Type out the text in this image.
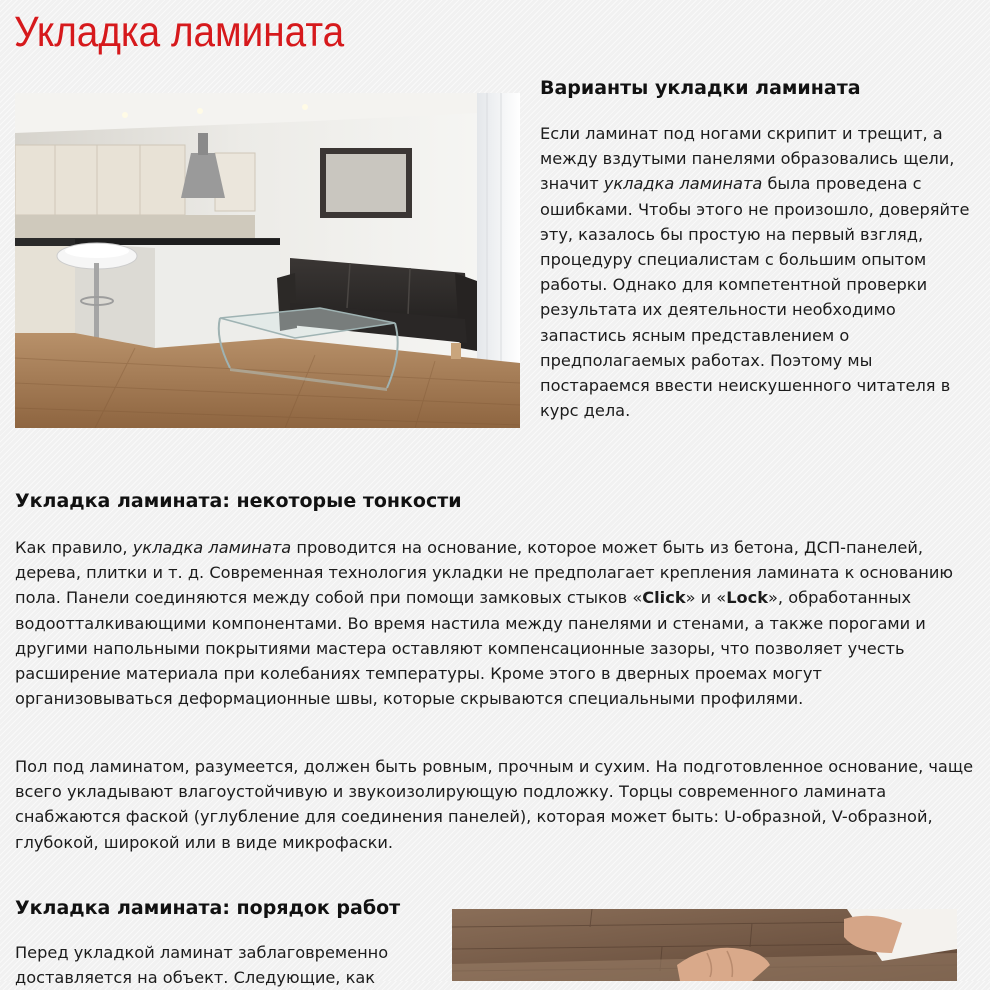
Укладка ламината
Варианты укладки ламината

Если ламинат под ногами скрипит и трещит, а между вздутыми панелями образовались щели, значит укладка ламината была проведена с ошибками. Чтобы этого не произошло, доверяйте эту, казалось бы простую на первый взгляд, процедуру специалистам с большим опытом работы. Однако для компетентной проверки результата их деятельности необходимо запастись ясным представлением о предполагаемых работах. Поэтому мы постараемся ввести неискушенного читателя в курс дела.

Укладка ламината: некоторые тонкости

Как правило, укладка ламината проводится на основание, которое может быть из бетона, ДСП-панелей, дерева, плитки и т. д. Современная технология укладки не предполагает крепления ламината к основанию пола. Панели соединяются между собой при помощи замковых стыков «Click» и «Lock», обработанных водоотталкивающими компонентами. Во время настила между панелями и стенами, а также порогами и другими напольными покрытиями мастера оставляют компенсационные зазоры, что позволяет учесть расширение материала при колебаниях температуры. Кроме этого в дверных проемах могут организовываться деформационные швы, которые скрываются специальными профилями.

Пол под ламинатом, разумеется, должен быть ровным, прочным и сухим. На подготовленное основание, чаще всего укладывают влагоустойчивую и звукоизолирующую подложку. Торцы современного ламината снабжаются фаской (углубление для соединения панелей), которая может быть: U-образной, V-образной, глубокой, широкой или в виде микрофаски.

Укладка ламината: порядок работ

Перед укладкой ламинат заблаговременно доставляется на объект. Следующие, как
